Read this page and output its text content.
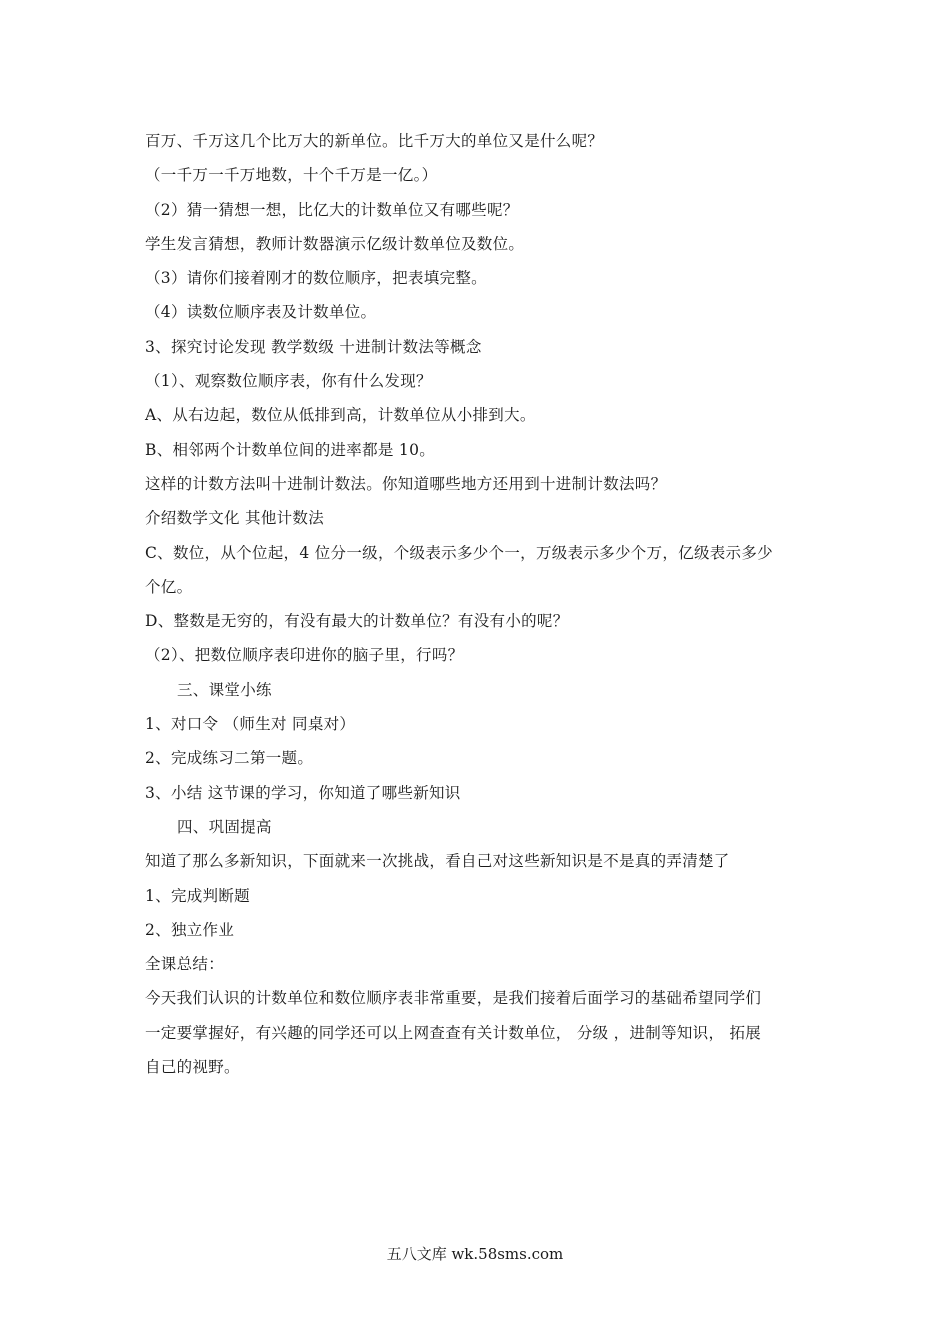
百万、千万这几个比万大的新单位。比千万大的单位又是什么呢？
（一千万一千万地数，十个千万是一亿。）
（2）猜一猜想一想，比亿大的计数单位又有哪些呢？
学生发言猜想，教师计数器演示亿级计数单位及数位。
（3）请你们接着刚才的数位顺序，把表填完整。
（4）读数位顺序表及计数单位。
3、探究讨论发现 教学数级 十进制计数法等概念
（1）、观察数位顺序表，你有什么发现？
A、从右边起，数位从低排到高，计数单位从小排到大。
B、相邻两个计数单位间的进率都是 10。
这样的计数方法叫十进制计数法。你知道哪些地方还用到十进制计数法吗？
介绍数学文化 其他计数法
C、数位，从个位起，4 位分一级，个级表示多少个一，万级表示多少个万，亿级表示多少
个亿。
D、整数是无穷的，有没有最大的计数单位？有没有小的呢？
（2）、把数位顺序表印进你的脑子里，行吗？
三、课堂小练
1、对口令 （师生对 同桌对）
2、完成练习二第一题。
3、小结 这节课的学习，你知道了哪些新知识
四、巩固提高
知道了那么多新知识，下面就来一次挑战，看自己对这些新知识是不是真的弄清楚了
1、完成判断题
2、独立作业
全课总结：
今天我们认识的计数单位和数位顺序表非常重要，是我们接着后面学习的基础希望同学们
一定要掌握好，有兴趣的同学还可以上网查查有关计数单位， 分级 ，进制等知识， 拓展
自己的视野。
五八文库 wk.58sms.com
